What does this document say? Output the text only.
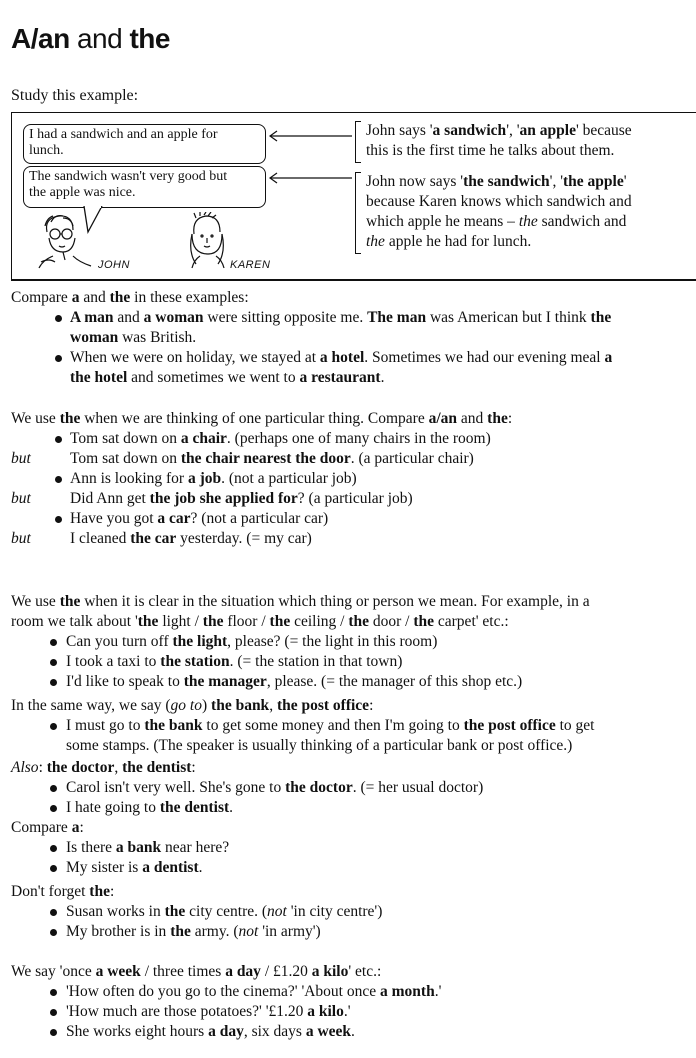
A/an and the
Study this example:
I had a sandwich and an apple for
lunch.
The sandwich wasn't very good but
the apple was nice.
John says 'a sandwich', 'an apple' because
this is the first time he talks about them.
John now says 'the sandwich', 'the apple'
because Karen knows which sandwich and
which apple he means – the sandwich and
the apple he had for lunch.
JOHN	KAREN
Compare a and the in these examples:
A man and a woman were sitting opposite me. The man was American but I think the
woman was British.
When we were on holiday, we stayed at a hotel. Sometimes we had our evening meal a
the hotel and sometimes we went to a restaurant.
We use the when we are thinking of one particular thing. Compare a/an and the:
Tom sat down on a chair. (perhaps one of many chairs in the room)
but	Tom sat down on the chair nearest the door. (a particular chair)
Ann is looking for a job. (not a particular job)
but	Did Ann get the job she applied for? (a particular job)
Have you got a car? (not a particular car)
but	I cleaned the car yesterday. (= my car)
We use the when it is clear in the situation which thing or person we mean. For example, in a
room we talk about 'the light / the floor / the ceiling / the door / the carpet' etc.:
Can you turn off the light, please? (= the light in this room)
I took a taxi to the station. (= the station in that town)
I'd like to speak to the manager, please. (= the manager of this shop etc.)
In the same way, we say (go to) the bank, the post office:
I must go to the bank to get some money and then I'm going to the post office to get
some stamps. (The speaker is usually thinking of a particular bank or post office.)
Also: the doctor, the dentist:
Carol isn't very well. She's gone to the doctor. (= her usual doctor)
I hate going to the dentist.
Compare a:
Is there a bank near here?
My sister is a dentist.
Don't forget the:
Susan works in the city centre. (not 'in city centre')
My brother is in the army. (not 'in army')
We say 'once a week / three times a day / £1.20 a kilo' etc.:
'How often do you go to the cinema?' 'About once a month.'
'How much are those potatoes?' '£1.20 a kilo.'
She works eight hours a day, six days a week.
